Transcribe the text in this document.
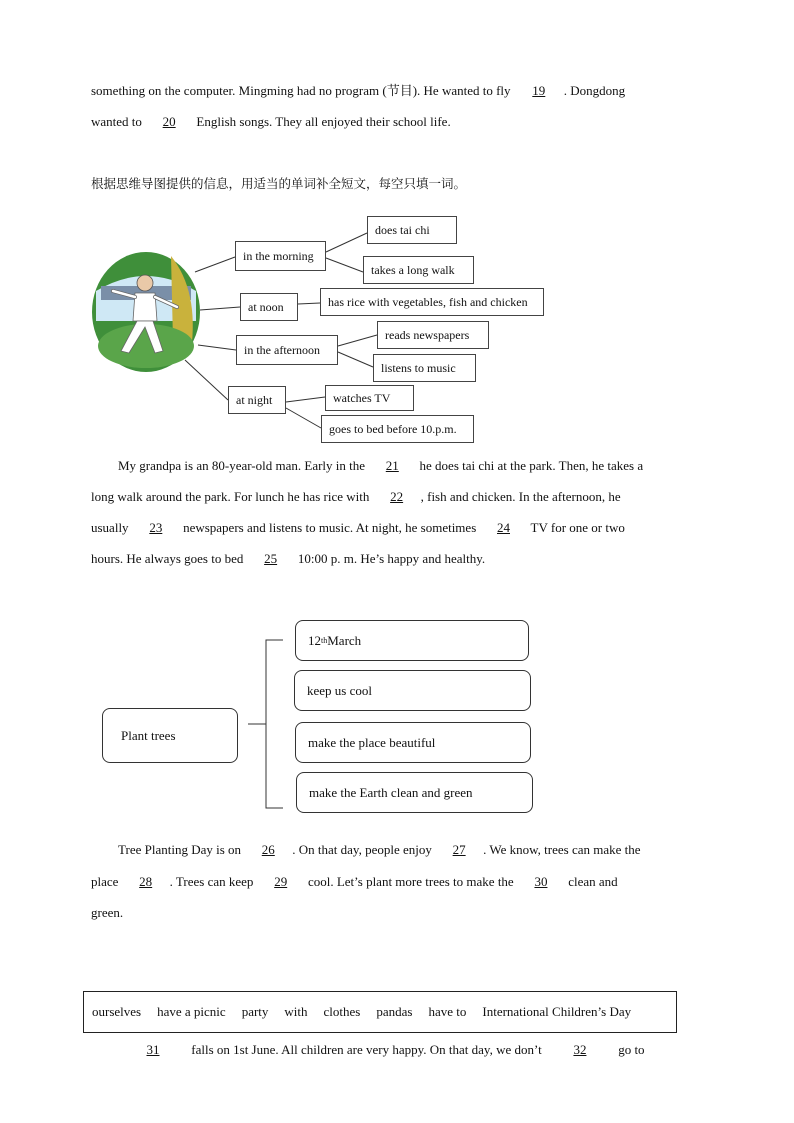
something on the computer. Mingming had no program (节目). He wanted to fly 19 . Dongdong
wanted to 20 English songs. They all enjoyed their school life.
根据思维导图提供的信息，用适当的单词补全短文，每空只填一词。
in the morning
does tai chi
takes a long walk
at noon	has rice with vegetables, fish and chicken
in the afternoon
reads newspapers
listens to music
at night	watches TV
goes to bed before 10.p.m.
My grandpa is an 80-year-old man. Early in the 21 he does tai chi at the park. Then, he takes a
long walk around the park. For lunch he has rice with 22 , fish and chicken. In the afternoon, he
usually 23 newspapers and listens to music. At night, he sometimes 24 TV for one or two
hours. He always goes to bed 25 10:00 p. m. He’s happy and healthy.
Plant trees
12 th March
keep us cool
make the place beautiful
make the Earth clean and green
Tree Planting Day is on 26 . On that day, people enjoy 27 . We know, trees can make the
place 28 . Trees can keep 29 cool. Let’s plant more trees to make the 30 clean and
green.
ourselves have a picnic party with clothes pandas have to International Children’s Day
31 falls on 1st June. All children are very happy. On that day, we don’t 32 go to
